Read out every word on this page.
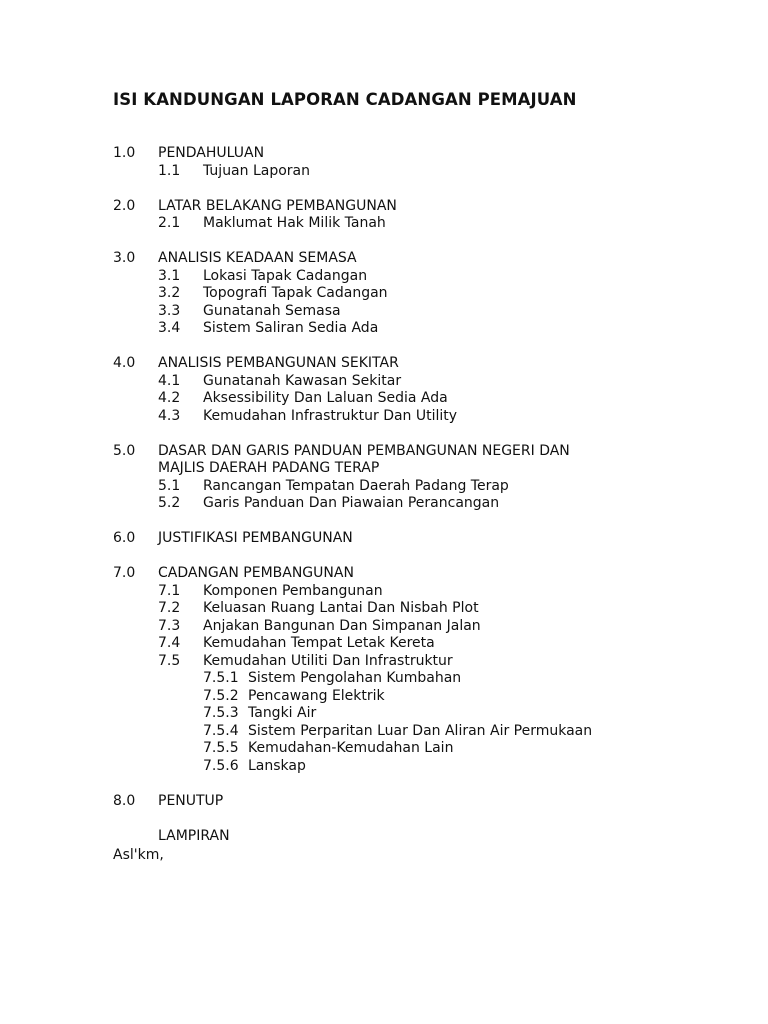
ISI KANDUNGAN LAPORAN CADANGAN PEMAJUAN
1.0 PENDAHULUAN
1.1 Tujuan Laporan
2.0 LATAR BELAKANG PEMBANGUNAN
2.1 Maklumat Hak Milik Tanah
3.0 ANALISIS KEADAAN SEMASA
3.1 Lokasi Tapak Cadangan
3.2 Topografi Tapak Cadangan
3.3 Gunatanah Semasa
3.4 Sistem Saliran Sedia Ada
4.0 ANALISIS PEMBANGUNAN SEKITAR
4.1 Gunatanah Kawasan Sekitar
4.2 Aksessibility Dan Laluan Sedia Ada
4.3 Kemudahan Infrastruktur Dan Utility
5.0 DASAR DAN GARIS PANDUAN PEMBANGUNAN NEGERI DAN
MAJLIS DAERAH PADANG TERAP
5.1 Rancangan Tempatan Daerah Padang Terap
5.2 Garis Panduan Dan Piawaian Perancangan
6.0 JUSTIFIKASI PEMBANGUNAN
7.0 CADANGAN PEMBANGUNAN
7.1 Komponen Pembangunan
7.2 Keluasan Ruang Lantai Dan Nisbah Plot
7.3 Anjakan Bangunan Dan Simpanan Jalan
7.4 Kemudahan Tempat Letak Kereta
7.5 Kemudahan Utiliti Dan Infrastruktur
7.5.1 Sistem Pengolahan Kumbahan
7.5.2 Pencawang Elektrik
7.5.3 Tangki Air
7.5.4 Sistem Perparitan Luar Dan Aliran Air Permukaan
7.5.5 Kemudahan-Kemudahan Lain
7.5.6 Lanskap
8.0 PENUTUP
LAMPIRAN
Asl'km,
